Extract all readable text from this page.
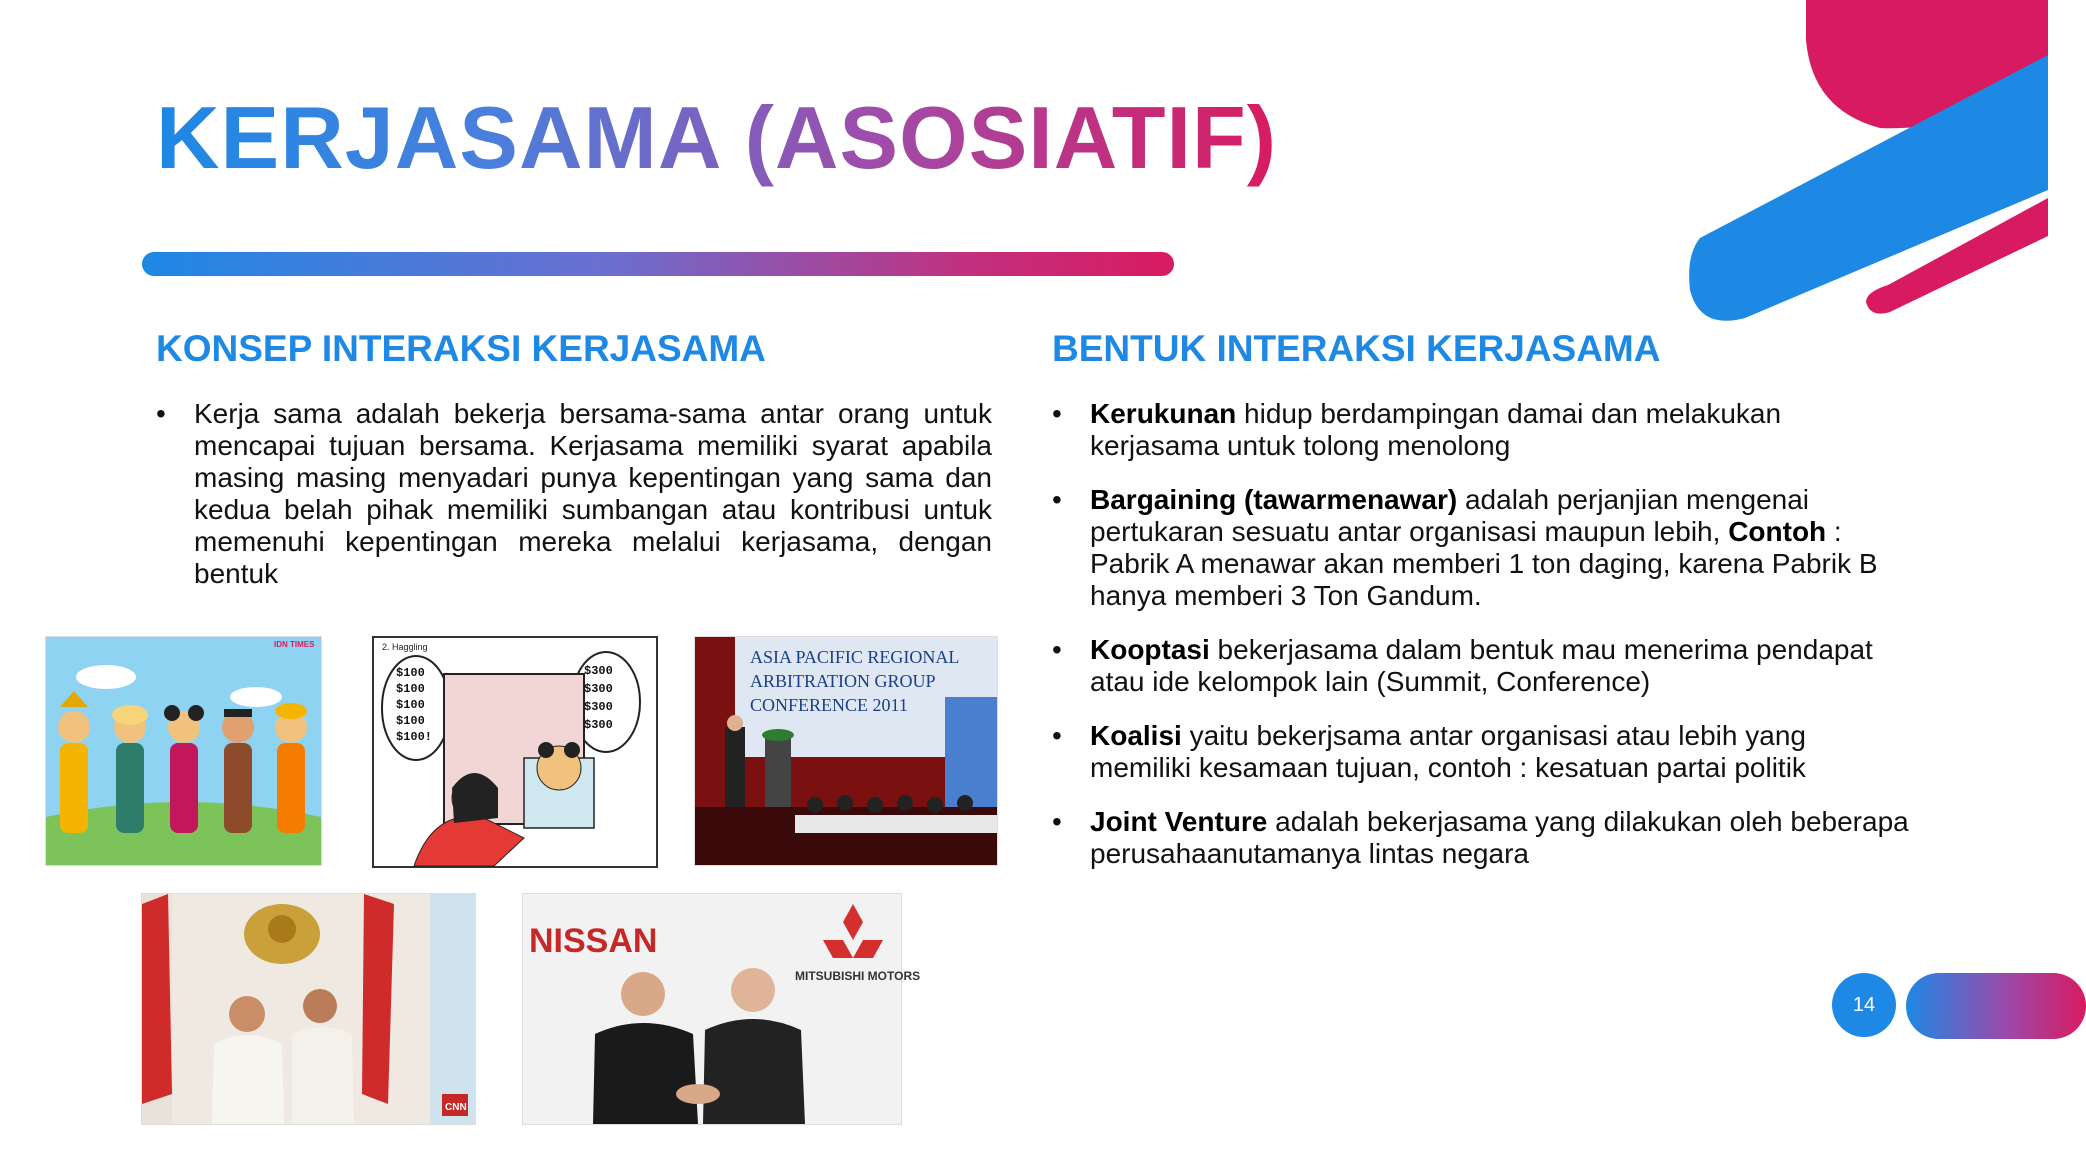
KERJASAMA (ASOSIATIF)
KONSEP INTERAKSI KERJASAMA
• Kerja sama adalah bekerja bersama-sama antar orang untuk mencapai tujuan bersama. Kerjasama memiliki syarat apabila masing masing menyadari punya kepentingan yang sama dan kedua belah pihak memiliki sumbangan atau kontribusi untuk memenuhi kepentingan mereka melalui kerjasama, dengan bentuk
BENTUK INTERAKSI KERJASAMA
• Kerukunan hidup berdampingan damai dan melakukan kerjasama untuk tolong menolong
• Bargaining (tawarmenawar) adalah perjanjian mengenai pertukaran sesuatu antar organisasi maupun lebih, Contoh : Pabrik A menawar akan memberi 1 ton daging, karena Pabrik B hanya memberi 3 Ton Gandum.
• Kooptasi bekerjasama dalam bentuk mau menerima pendapat atau ide kelompok lain (Summit, Conference)
• Koalisi yaitu bekerjsama antar organisasi atau lebih yang memiliki kesamaan tujuan, contoh : kesatuan partai politik
• Joint Venture adalah bekerjasama yang dilakukan oleh beberapa perusahaanutamanya lintas negara
IDN TIMES	2. Haggling
$100
$100
$100
$100
$100!
$300
$300
$300
$300
ASIA PACIFIC REGIONAL
ARBITRATION GROUP
CONFERENCE 2011
CNN
NISSAN
MITSUBISHI MOTORS
14
